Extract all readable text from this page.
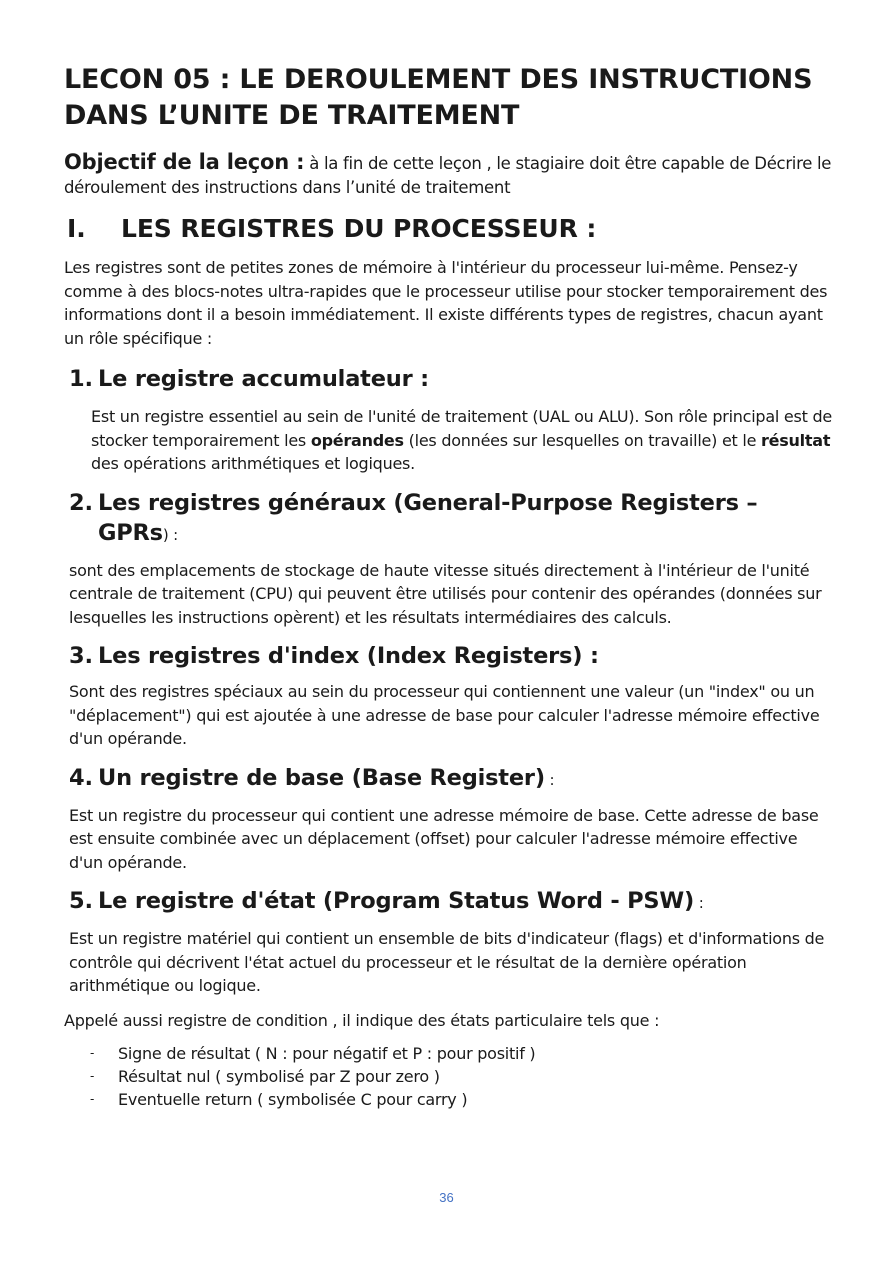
LECON 05 : LE DEROULEMENT DES INSTRUCTIONS
DANS L’UNITE DE TRAITEMENT
Objectif de la leçon : à la fin de cette leçon , le stagiaire doit être capable de Décrire le déroulement des instructions dans l’unité de traitement
I.	LES REGISTRES DU PROCESSEUR :

Les registres sont de petites zones de mémoire à l'intérieur du processeur lui-même. Pensez-y comme à des blocs-notes ultra-rapides que le processeur utilise pour stocker temporairement des informations dont il a besoin immédiatement. Il existe différents types de registres, chacun ayant un rôle spécifique :

1. Le registre accumulateur :

Est un registre essentiel au sein de l'unité de traitement (UAL ou ALU). Son rôle principal est de stocker temporairement les opérandes (les données sur lesquelles on travaille) et le résultat des opérations arithmétiques et logiques.

2. Les registres généraux (General-Purpose Registers – GPRs) :

sont des emplacements de stockage de haute vitesse situés directement à l'intérieur de l'unité centrale de traitement (CPU) qui peuvent être utilisés pour contenir des opérandes (données sur lesquelles les instructions opèrent) et les résultats intermédiaires des calculs.

3. Les registres d'index (Index Registers) :

Sont des registres spéciaux au sein du processeur qui contiennent une valeur (un "index" ou un "déplacement") qui est ajoutée à une adresse de base pour calculer l'adresse mémoire effective d'un opérande.

4. Un registre de base (Base Register) :

Est un registre du processeur qui contient une adresse mémoire de base. Cette adresse de base est ensuite combinée avec un déplacement (offset) pour calculer l'adresse mémoire effective d'un opérande.

5. Le registre d'état (Program Status Word - PSW) :

Est un registre matériel qui contient un ensemble de bits d'indicateur (flags) et d'informations de contrôle qui décrivent l'état actuel du processeur et le résultat de la dernière opération arithmétique ou logique.

Appelé aussi registre de condition , il indique des états particulaire tels que :

-	Signe de résultat ( N : pour négatif et P : pour positif )
-	Résultat nul ( symbolisé par Z pour zero )
-	Eventuelle return ( symbolisée C pour carry )
36
